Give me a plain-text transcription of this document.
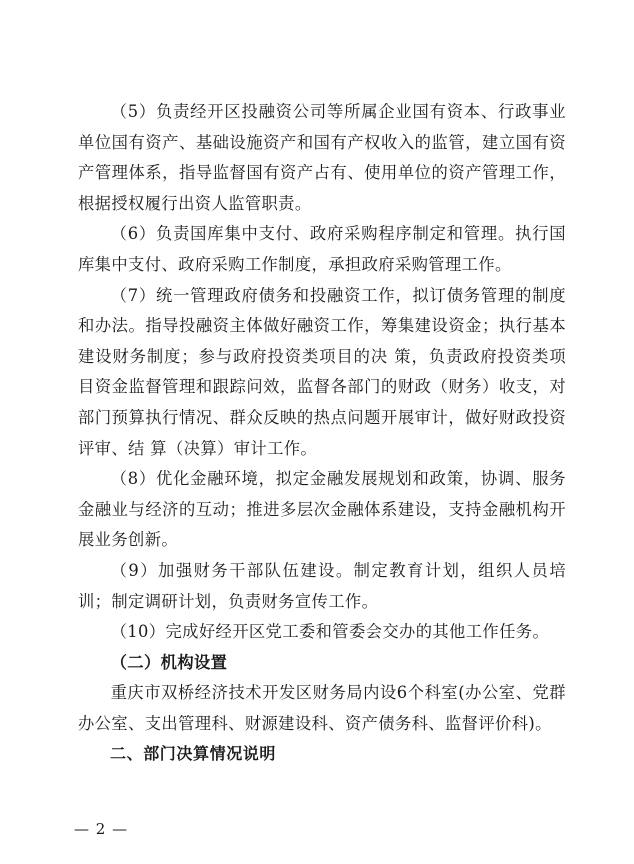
（5）负责经开区投融资公司等所属企业国有资本、行政事业单位国有资产、基础设施资产和国有产权收入的监管，建立国有资产管理体系，指导监督国有资产占有、使用单位的资产管理工作，根据授权履行出资人监管职责。

（6）负责国库集中支付、政府采购程序制定和管理。执行国库集中支付、政府采购工作制度，承担政府采购管理工作。

（7）统一管理政府债务和投融资工作，拟订债务管理的制度和办法。指导投融资主体做好融资工作，筹集建设资金；执行基本建设财务制度；参与政府投资类项目的决 策，负责政府投资类项目资金监督管理和跟踪问效，监督各部门的财政（财务）收支，对部门预算执行情况、群众反映的热点问题开展审计，做好财政投资评审、结 算（决算）审计工作。

（8）优化金融环境，拟定金融发展规划和政策，协调、服务金融业与经济的互动；推进多层次金融体系建设，支持金融机构开展业务创新。

（9）加强财务干部队伍建设。制定教育计划，组织人员培训；制定调研计划，负责财务宣传工作。

（10）完成好经开区党工委和管委会交办的其他工作任务。

（二）机构设置

重庆市双桥经济技术开发区财务局内设6个科室(办公室、党群办公室、支出管理科、财源建设科、资产债务科、监督评价科)。

二、部门决算情况说明

— 2 —
